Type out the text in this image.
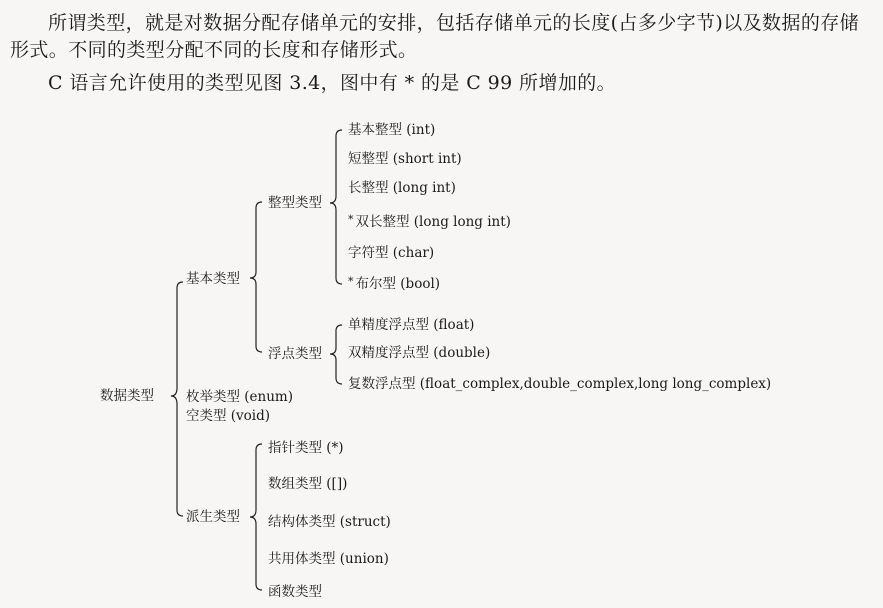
所谓类型，就是对数据分配存储单元的安排，包括存储单元的长度(占多少字节)以及数据的存储形式。不同的类型分配不同的长度和存储形式。

C 语言允许使用的类型见图 3.4，图中有 * 的是 C 99 所增加的。

数据类型
基本类型
枚举类型 (enum)
空类型 (void)
派生类型
整型类型
浮点类型
基本整型 (int)
短整型 (short int)
长整型 (long int)
* 双长整型 (long long int)
字符型 (char)
* 布尔型 (bool)
单精度浮点型 (float)
双精度浮点型 (double)
复数浮点型 (float_complex,double_complex,long long_complex)
指针类型 (*)
数组类型 ([])
结构体类型 (struct)
共用体类型 (union)
函数类型
